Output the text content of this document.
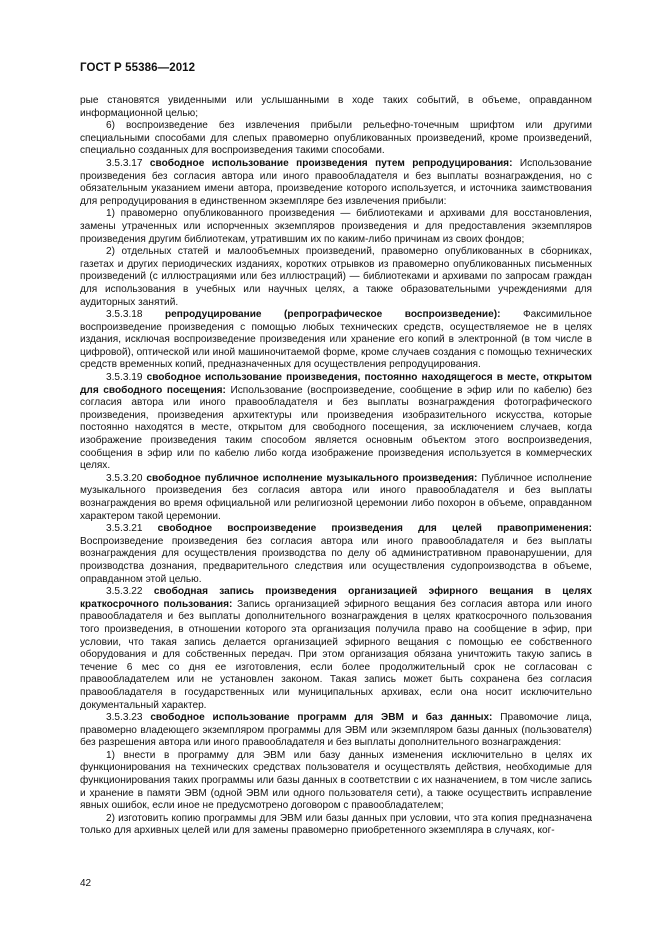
ГОСТ Р 55386—2012

рые становятся увиденными или услышанными в ходе таких событий, в объеме, оправданном информационной целью;

6) воспроизведение без извлечения прибыли рельефно-точечным шрифтом или другими специальными способами для слепых правомерно опубликованных произведений, кроме произведений, специально созданных для воспроизведения такими способами.

3.5.3.17 свободное использование произведения путем репродуцирования: Использование произведения без согласия автора или иного правообладателя и без выплаты вознаграждения, но с обязательным указанием имени автора, произведение которого используется, и источника заимствования для репродуцирования в единственном экземпляре без извлечения прибыли:

1) правомерно опубликованного произведения — библиотеками и архивами для восстановления, замены утраченных или испорченных экземпляров произведения и для предоставления экземпляров произведения другим библиотекам, утратившим их по каким-либо причинам из своих фондов;

2) отдельных статей и малообъемных произведений, правомерно опубликованных в сборниках, газетах и других периодических изданиях, коротких отрывков из правомерно опубликованных письменных произведений (с иллюстрациями или без иллюстраций) — библиотеками и архивами по запросам граждан для использования в учебных или научных целях, а также образовательными учреждениями для аудиторных занятий.

3.5.3.18 репродуцирование (репрографическое воспроизведение): Факсимильное воспроизведение произведения с помощью любых технических средств, осуществляемое не в целях издания, исключая воспроизведение произведения или хранение его копий в электронной (в том числе в цифровой), оптической или иной машиночитаемой форме, кроме случаев создания с помощью технических средств временных копий, предназначенных для осуществления репродуцирования.

3.5.3.19 свободное использование произведения, постоянно находящегося в месте, открытом для свободного посещения: Использование (воспроизведение, сообщение в эфир или по кабелю) без согласия автора или иного правообладателя и без выплаты вознаграждения фотографического произведения, произведения архитектуры или произведения изобразительного искусства, которые постоянно находятся в месте, открытом для свободного посещения, за исключением случаев, когда изображение произведения таким способом является основным объектом этого воспроизведения, сообщения в эфир или по кабелю либо когда изображение произведения используется в коммерческих целях.

3.5.3.20 свободное публичное исполнение музыкального произведения: Публичное исполнение музыкального произведения без согласия автора или иного правообладателя и без выплаты вознаграждения во время официальной или религиозной церемонии либо похорон в объеме, оправданном характером такой церемонии.

3.5.3.21 свободное воспроизведение произведения для целей правоприменения: Воспроизведение произведения без согласия автора или иного правообладателя и без выплаты вознаграждения для осуществления производства по делу об административном правонарушении, для производства дознания, предварительного следствия или осуществления судопроизводства в объеме, оправданном этой целью.

3.5.3.22 свободная запись произведения организацией эфирного вещания в целях краткосрочного пользования: Запись организацией эфирного вещания без согласия автора или иного правообладателя и без выплаты дополнительного вознаграждения в целях краткосрочного пользования того произведения, в отношении которого эта организация получила право на сообщение в эфир, при условии, что такая запись делается организацией эфирного вещания с помощью ее собственного оборудования и для собственных передач. При этом организация обязана уничтожить такую запись в течение 6 мес со дня ее изготовления, если более продолжительный срок не согласован с правообладателем или не установлен законом. Такая запись может быть сохранена без согласия правообладателя в государственных или муниципальных архивах, если она носит исключительно документальный характер.

3.5.3.23 свободное использование программ для ЭВМ и баз данных: Правомочие лица, правомерно владеющего экземпляром программы для ЭВМ или экземпляром базы данных (пользователя) без разрешения автора или иного правообладателя и без выплаты дополнительного вознаграждения:

1) внести в программу для ЭВМ или базу данных изменения исключительно в целях их функционирования на технических средствах пользователя и осуществлять действия, необходимые для функционирования таких программы или базы данных в соответствии с их назначением, в том числе запись и хранение в памяти ЭВМ (одной ЭВМ или одного пользователя сети), а также осуществить исправление явных ошибок, если иное не предусмотрено договором с правообладателем;

2) изготовить копию программы для ЭВМ или базы данных при условии, что эта копия предназначена только для архивных целей или для замены правомерно приобретенного экземпляра в случаях, ког-

42
